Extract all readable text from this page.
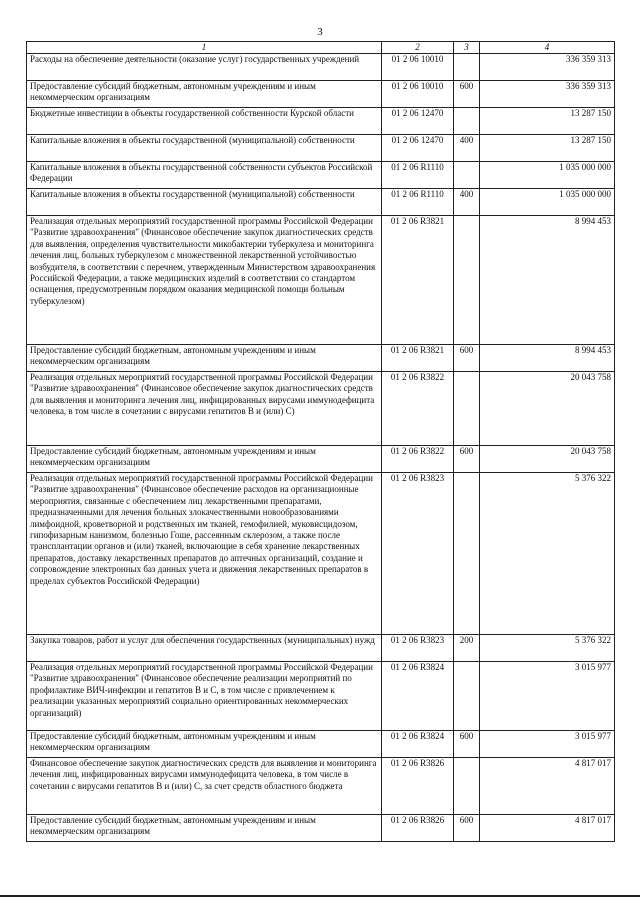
3
1	2	3	4
Расходы на обеспечение деятельности (оказание услуг) государственных учреждений	01 2 06 10010		336 359 313
Предоставление субсидий бюджетным, автономным учреждениям и иным некоммерческим организациям	01 2 06 10010	600	336 359 313
Бюджетные инвестиции в объекты государственной собственности Курской области	01 2 06 12470		13 287 150
Капитальные вложения в объекты государственной (муниципальной) собственности	01 2 06 12470	400	13 287 150
Капитальные вложения в объекты государственной собственности субъектов Российской Федерации	01 2 06 R1110		1 035 000 000
Капитальные вложения в объекты государственной (муниципальной) собственности	01 2 06 R1110	400	1 035 000 000
Реализация отдельных мероприятий государственной программы Российской Федерации "Развитие здравоохранения" (Финансовое обеспечение закупок диагностических средств для выявления, определения чувствительности микобактерии туберкулеза и мониторинга лечения лиц, больных туберкулезом с множественной лекарственной устойчивостью возбудителя, в соответствии с перечнем, утвержденным Министерством здравоохранения Российской Федерации, а также медицинских изделий в соответствии со стандартом оснащения, предусмотренным порядком оказания медицинской помощи больным туберкулезом)	01 2 06 R3821		8 994 453
Предоставление субсидий бюджетным, автономным учреждениям и иным некоммерческим организациям	01 2 06 R3821	600	8 994 453
Реализация отдельных мероприятий государственной программы Российской Федерации "Развитие здравоохранения" (Финансовое обеспечение закупок диагностических средств для выявления и мониторинга лечения лиц, инфицированных вирусами иммунодефицита человека, в том числе в сочетании с вирусами гепатитов B и (или) C)	01 2 06 R3822		20 043 758
Предоставление субсидий бюджетным, автономным учреждениям и иным некоммерческим организациям	01 2 06 R3822	600	20 043 758
Реализация отдельных мероприятий государственной программы Российской Федерации "Развитие здравоохранения" (Финансовое обеспечение расходов на организационные мероприятия, связанные с обеспечением лиц лекарственными препаратами, предназначенными для лечения больных злокачественными новообразованиями лимфоидной, кроветворной и родственных им тканей, гемофилией, муковисцидозом, гипофизарным нанизмом, болезнью Гоше, рассеянным склерозом, а также после трансплантации органов и (или) тканей, включающие в себя хранение лекарственных препаратов, доставку лекарственных препаратов до аптечных организаций, создание и сопровождение электронных баз данных учета и движения лекарственных препаратов в пределах субъектов Российской Федерации)	01 2 06 R3823		5 376 322
Закупка товаров, работ и услуг для обеспечения государственных (муниципальных) нужд	01 2 06 R3823	200	5 376 322
Реализация отдельных мероприятий государственной программы Российской Федерации "Развитие здравоохранения" (Финансовое обеспечение реализации мероприятий по профилактике ВИЧ-инфекции и гепатитов B и C, в том числе с привлечением к реализации указанных мероприятий социально ориентированных некоммерческих организаций)	01 2 06 R3824		3 015 977
Предоставление субсидий бюджетным, автономным учреждениям и иным некоммерческим организациям	01 2 06 R3824	600	3 015 977
Финансовое обеспечение закупок диагностических средств для выявления и мониторинга лечения лиц, инфицированных вирусами иммунодефицита человека, в том числе в сочетании с вирусами гепатитов B и (или) C, за счет средств областного бюджета	01 2 06 R3826		4 817 017
Предоставление субсидий бюджетным, автономным учреждениям и иным некоммерческим организациям	01 2 06 R3826	600	4 817 017
